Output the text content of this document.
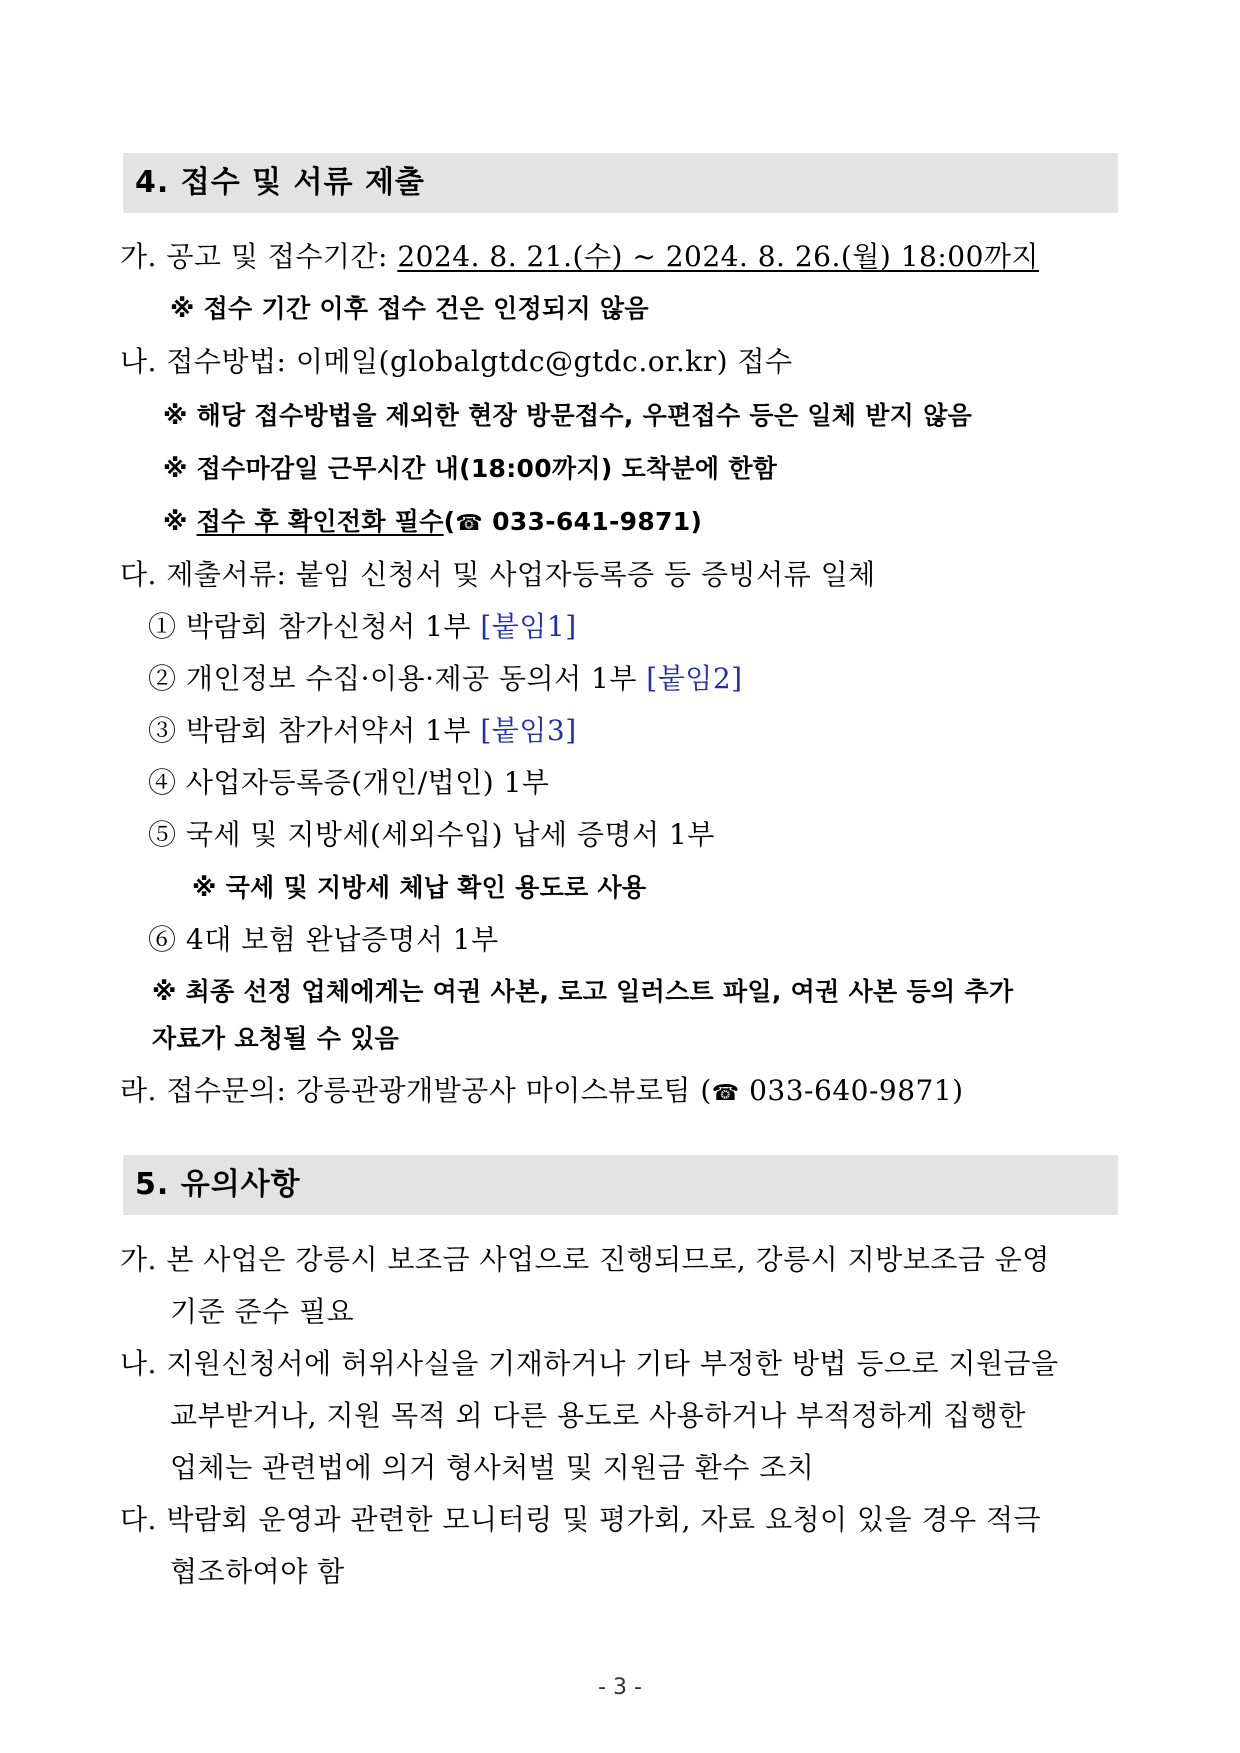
4. 접수 및 서류 제출
가. 공고 및 접수기간: 2024. 8. 21.(수) ~ 2024. 8. 26.(월) 18:00까지
※ 접수 기간 이후 접수 건은 인정되지 않음
나. 접수방법: 이메일(globalgtdc@gtdc.or.kr) 접수
※ 해당 접수방법을 제외한 현장 방문접수, 우편접수 등은 일체 받지 않음
※ 접수마감일 근무시간 내(18:00까지) 도착분에 한함
※ 접수 후 확인전화 필수(☎ 033-641-9871)
다. 제출서류: 붙임 신청서 및 사업자등록증 등 증빙서류 일체
① 박람회 참가신청서 1부 [붙임1]
② 개인정보 수집·이용·제공 동의서 1부 [붙임2]
③ 박람회 참가서약서 1부 [붙임3]
④ 사업자등록증(개인/법인) 1부
⑤ 국세 및 지방세(세외수입) 납세 증명서 1부
※ 국세 및 지방세 체납 확인 용도로 사용
⑥ 4대 보험 완납증명서 1부
※ 최종 선정 업체에게는 여권 사본, 로고 일러스트 파일, 여권 사본 등의 추가
자료가 요청될 수 있음
라. 접수문의: 강릉관광개발공사 마이스뷰로팀 (☎ 033-640-9871)
5. 유의사항
가. 본 사업은 강릉시 보조금 사업으로 진행되므로, 강릉시 지방보조금 운영
기준 준수 필요
나. 지원신청서에 허위사실을 기재하거나 기타 부정한 방법 등으로 지원금을
교부받거나, 지원 목적 외 다른 용도로 사용하거나 부적정하게 집행한
업체는 관련법에 의거 형사처벌 및 지원금 환수 조치
다. 박람회 운영과 관련한 모니터링 및 평가회, 자료 요청이 있을 경우 적극
협조하여야 함
- 3 -
